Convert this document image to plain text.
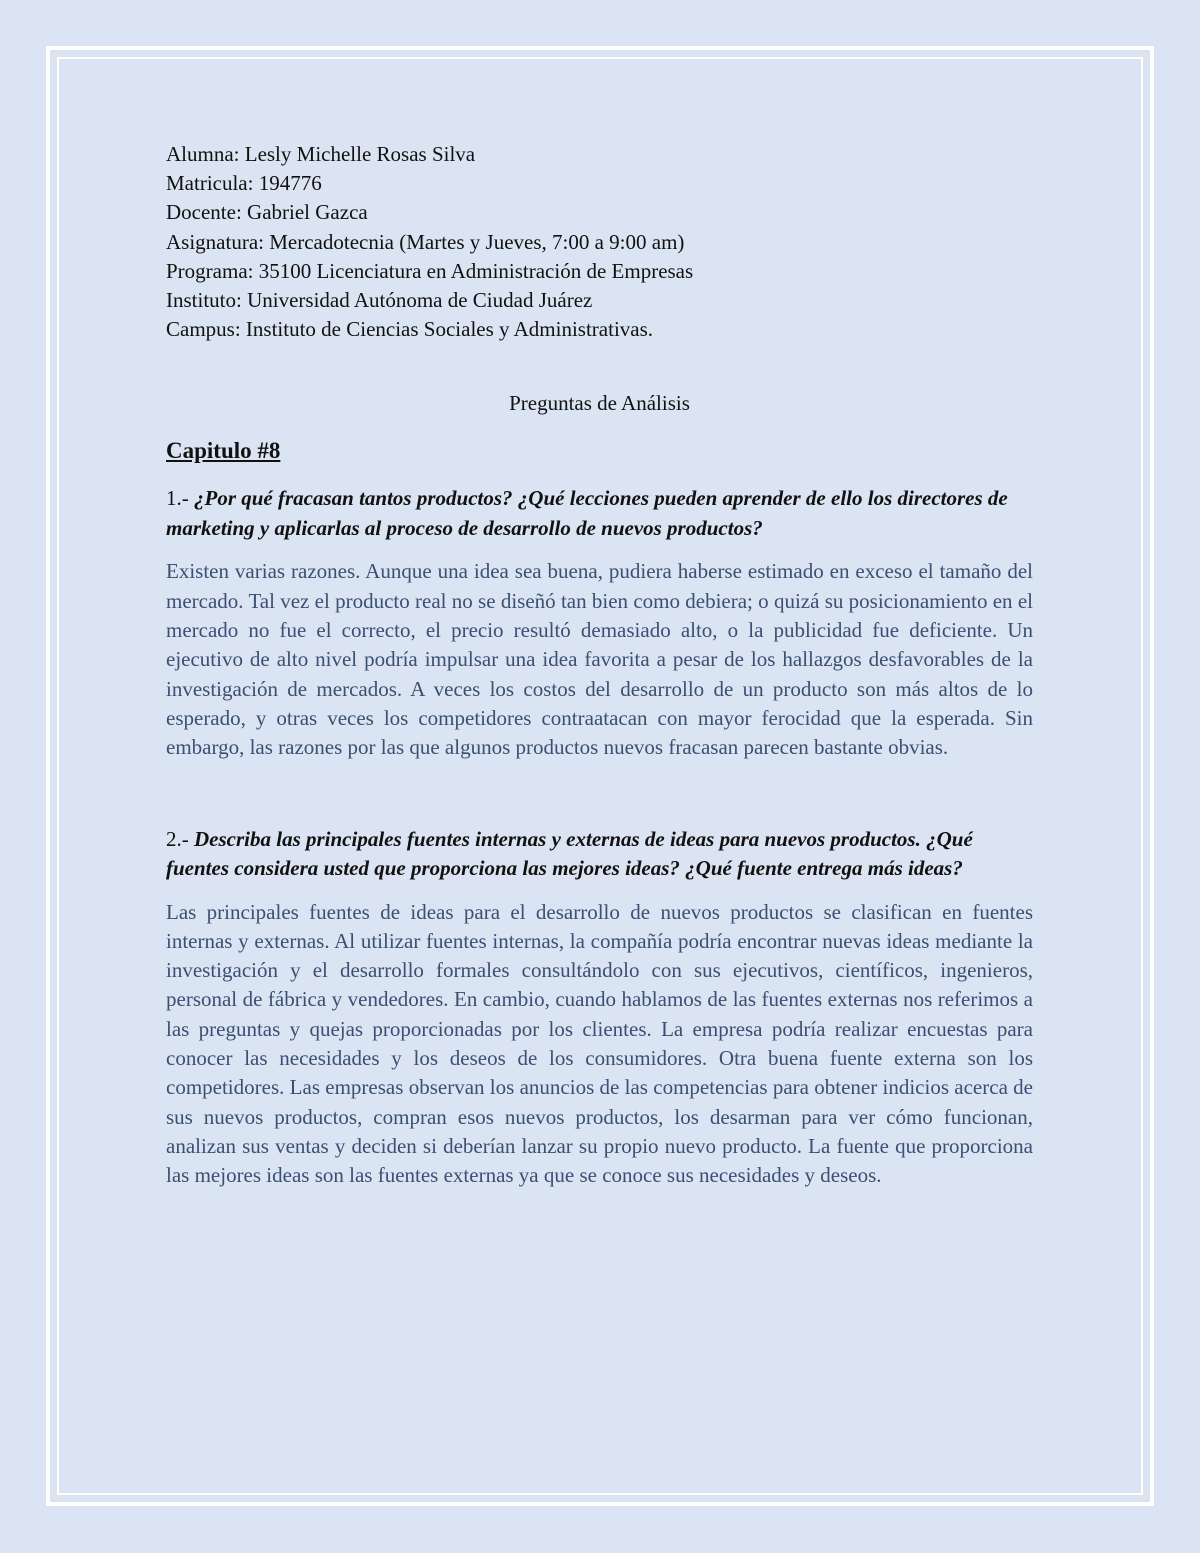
Alumna: Lesly Michelle Rosas Silva
Matricula: 194776
Docente: Gabriel Gazca
Asignatura: Mercadotecnia (Martes y Jueves, 7:00 a 9:00 am)
Programa: 35100 Licenciatura en Administración de Empresas
Instituto: Universidad Autónoma de Ciudad Juárez
Campus: Instituto de Ciencias Sociales y Administrativas.
Preguntas de Análisis
Capitulo #8
1.- ¿Por qué fracasan tantos productos? ¿Qué lecciones pueden aprender de ello los directores de marketing y aplicarlas al proceso de desarrollo de nuevos productos?
Existen varias razones. Aunque una idea sea buena, pudiera haberse estimado en exceso el tamaño del mercado. Tal vez el producto real no se diseñó tan bien como debiera; o quizá su posicionamiento en el mercado no fue el correcto, el precio resultó demasiado alto, o la publicidad fue deficiente. Un ejecutivo de alto nivel podría impulsar una idea favorita a pesar de los hallazgos desfavorables de la investigación de mercados. A veces los costos del desarrollo de un producto son más altos de lo esperado, y otras veces los competidores contraatacan con mayor ferocidad que la esperada. Sin embargo, las razones por las que algunos productos nuevos fracasan parecen bastante obvias.
2.- Describa las principales fuentes internas y externas de ideas para nuevos productos. ¿Qué fuentes considera usted que proporciona las mejores ideas? ¿Qué fuente entrega más ideas?
Las principales fuentes de ideas para el desarrollo de nuevos productos se clasifican en fuentes internas y externas. Al utilizar fuentes internas, la compañía podría encontrar nuevas ideas mediante la investigación y el desarrollo formales consultándolo con sus ejecutivos, científicos, ingenieros, personal de fábrica y vendedores. En cambio, cuando hablamos de las fuentes externas nos referimos a las preguntas y quejas proporcionadas por los clientes. La empresa podría realizar encuestas para conocer las necesidades y los deseos de los consumidores. Otra buena fuente externa son los competidores. Las empresas observan los anuncios de las competencias para obtener indicios acerca de sus nuevos productos, compran esos nuevos productos, los desarman para ver cómo funcionan, analizan sus ventas y deciden si deberían lanzar su propio nuevo producto. La fuente que proporciona las mejores ideas son las fuentes externas ya que se conoce sus necesidades y deseos.
